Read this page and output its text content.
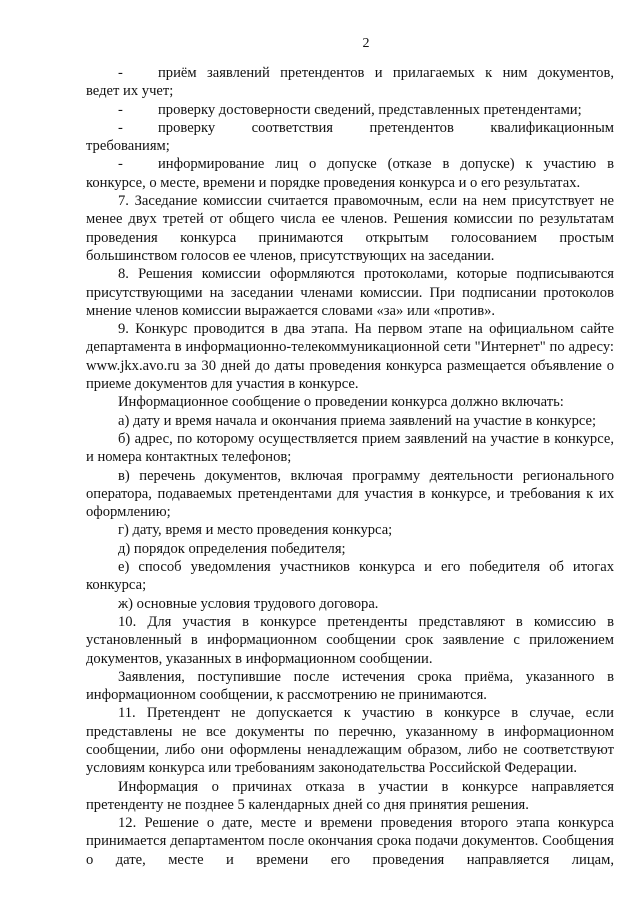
2
- приём заявлений претендентов и прилагаемых к ним документов,
ведет их учет;
- проверку достоверности сведений, представленных претендентами;
- проверку соответствия претендентов квалификационным
требованиям;
- информирование лиц о допуске (отказе в допуске) к участию в
конкурсе, о месте, времени и порядке проведения конкурса и о его результатах.

7. Заседание комиссии считается правомочным, если на нем присутствует не менее двух третей от общего числа ее членов. Решения комиссии по результатам проведения конкурса принимаются открытым голосованием простым большинством голосов ее членов, присутствующих на заседании.

8. Решения комиссии оформляются протоколами, которые подписываются присутствующими на заседании членами комиссии. При подписании протоколов мнение членов комиссии выражается словами «за» или «против».

9. Конкурс проводится в два этапа. На первом этапе на официальном сайте департамента в информационно-телекоммуникационной сети "Интернет" по адресу: www.jkx.avo.ru за 30 дней до даты проведения конкурса размещается объявление о приеме документов для участия в конкурсе.

Информационное сообщение о проведении конкурса должно включать:

а) дату и время начала и окончания приема заявлений на участие в конкурсе;

б) адрес, по которому осуществляется прием заявлений на участие в конкурсе, и номера контактных телефонов;

в) перечень документов, включая программу деятельности регионального оператора, подаваемых претендентами для участия в конкурсе, и требования к их оформлению;

г) дату, время и место проведения конкурса;

д) порядок определения победителя;

е) способ уведомления участников конкурса и его победителя об итогах конкурса;

ж) основные условия трудового договора.

10. Для участия в конкурсе претенденты представляют в комиссию в установленный в информационном сообщении срок заявление с приложением документов, указанных в информационном сообщении.

Заявления, поступившие после истечения срока приёма, указанного в информационном сообщении, к рассмотрению не принимаются.

11. Претендент не допускается к участию в конкурсе в случае, если представлены не все документы по перечню, указанному в информационном сообщении, либо они оформлены ненадлежащим образом, либо не соответствуют условиям конкурса или требованиям законодательства Российской Федерации.

Информация о причинах отказа в участии в конкурсе направляется претенденту не позднее 5 календарных дней со дня принятия решения.

12. Решение о дате, месте и времени проведения второго этапа конкурса принимается департаментом после окончания срока подачи документов. Сообщения о дате, месте и времени его проведения направляется лицам,
